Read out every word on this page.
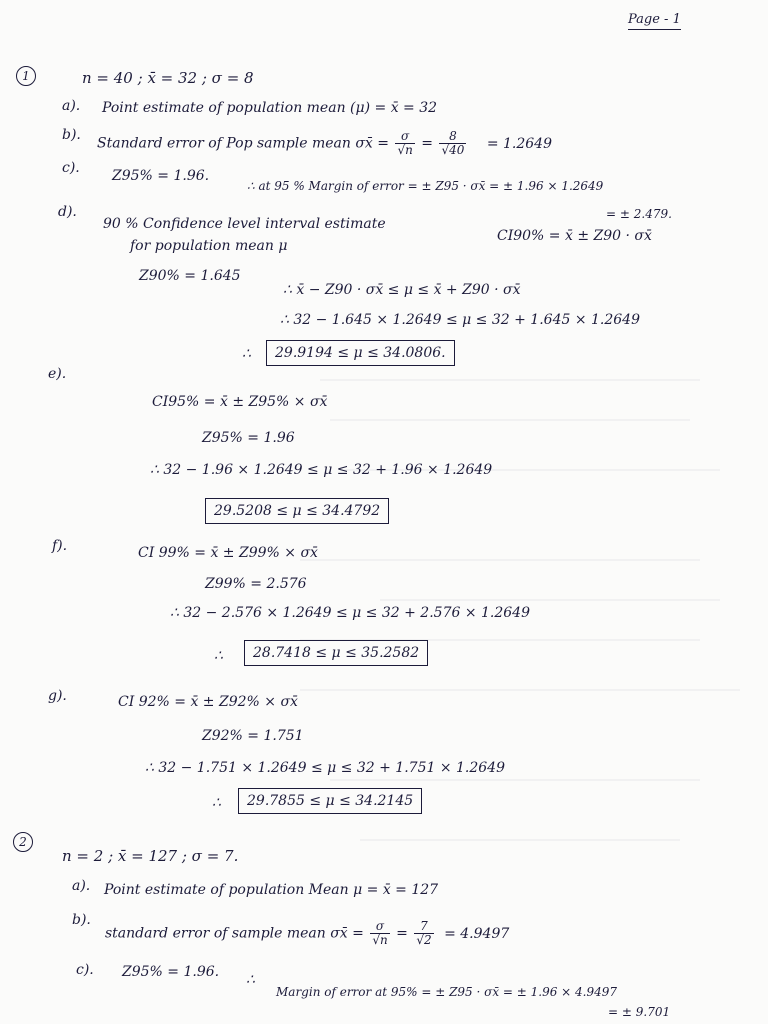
Page - 1
1	n = 40 ; x̄ = 32 ; σ = 8
a). Point estimate of population mean (μ) = x̄ = 32
b).
Standard error of Pop sample mean σx̄ = $\frac{\sigma}{√n} = \frac{8}{√40} = 1.2649$
c). Z95% = 1.96.
∴ at 95 % Margin of error = ± Z95 · σx̄ = ± 1.96 × 1.2649
= ± 2.479.
d).
90 % Confidence level interval estimate
CI90% = x̄ ± Z90 · σx̄
for population mean μ
Z90% = 1.645
∴ x̄ − Z90 · σx̄ ≤ μ ≤ x̄ + Z90 · σx̄
∴ 32 − 1.645 × 1.2649 ≤ μ ≤ 32 + 1.645 × 1.2649
∴	29.9194 ≤ μ ≤ 34.0806.
e).
CI95% = x̄ ± Z95% × σx̄
Z95% = 1.96
∴ 32 − 1.96 × 1.2649 ≤ μ ≤ 32 + 1.96 × 1.2649
29.5208 ≤ μ ≤ 34.4792
f).	CI 99% = x̄ ± Z99% × σx̄
Z99% = 2.576
∴ 32 − 2.576 × 1.2649 ≤ μ ≤ 32 + 2.576 × 1.2649
∴	28.7418 ≤ μ ≤ 35.2582
g).	CI 92% = x̄ ± Z92% × σx̄
Z92% = 1.751
∴ 32 − 1.751 × 1.2649 ≤ μ ≤ 32 + 1.751 × 1.2649
∴	29.7855 ≤ μ ≤ 34.2145
2
n = 2 ; x̄ = 127 ; σ = 7.
a). Point estimate of population Mean μ = x̄ = 127
b).
standard error of sample mean σx̄ = $\frac{\sigma}{√n} = \frac{7}{√2} = 4.9497$
c). Z95% = 1.96. ∴
Margin of error at 95% = ± Z95 · σx̄ = ± 1.96 × 4.9497
= ± 9.701
